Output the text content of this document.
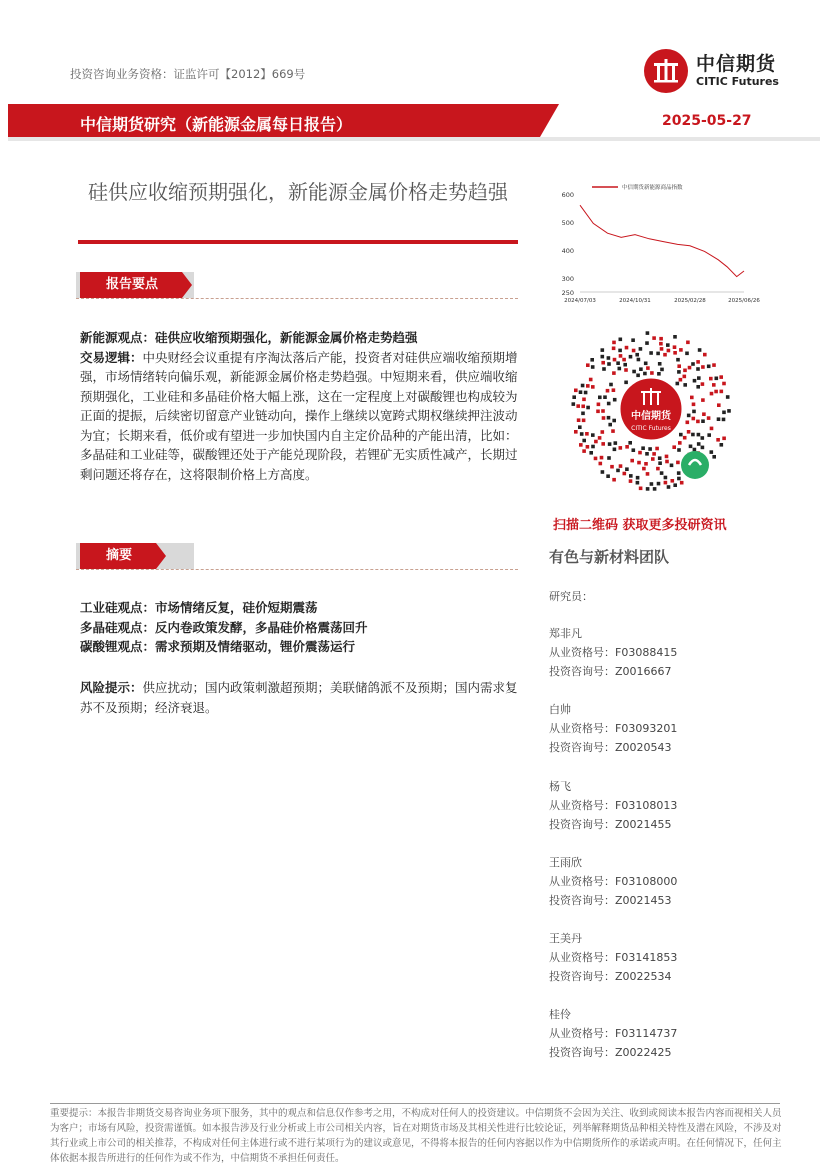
投资咨询业务资格：证监许可【2012】669号	中信期货
CITIC Futures
中信期货研究（新能源金属每日报告）	2025-05-27
硅供应收缩预期强化，新能源金属价格走势趋强
报告要点
新能源观点：硅供应收缩预期强化，新能源金属价格走势趋强
交易逻辑：中央财经会议重提有序淘汰落后产能，投资者对硅供应端收缩预期增强，市场情绪转向偏乐观，新能源金属价格走势趋强。中短期来看，供应端收缩预期强化，工业硅和多晶硅价格大幅上涨，这在一定程度上对碳酸锂也构成较为正面的提振，后续密切留意产业链动向，操作上继续以宽跨式期权继续押注波动为宜；长期来看，低价或有望进一步加快国内自主定价品种的产能出清，比如：多晶硅和工业硅等，碳酸锂还处于产能兑现阶段，若锂矿无实质性减产，长期过剩问题还将存在，这将限制价格上方高度。
摘要
工业硅观点：市场情绪反复，硅价短期震荡
多晶硅观点：反内卷政策发酵，多晶硅价格震荡回升
碳酸锂观点：需求预期及情绪驱动，锂价震荡运行
风险提示：供应扰动；国内政策刺激超预期；美联储鸽派不及预期；国内需求复苏不及预期；经济衰退。
250
300
400
500
600
2024/07/03	2024/10/31	2025/02/28	2025/06/26
中信期货新能源商品指数
中信期货
CITIC Futures
扫描二维码 获取更多投研资讯
有色与新材料团队
研究员：
郑非凡
从业资格号：F03088415
投资咨询号：Z0016667
白帅
从业资格号：F03093201
投资咨询号：Z0020543
杨飞
从业资格号：F03108013
投资咨询号：Z0021455
王雨欣
从业资格号：F03108000
投资咨询号：Z0021453
王美丹
从业资格号：F03141853
投资咨询号：Z0022534
桂伶
从业资格号：F03114737
投资咨询号：Z0022425
重要提示：本报告非期货交易咨询业务项下服务，其中的观点和信息仅作参考之用，不构成对任何人的投资建议。中信期货不会因为关注、收到或阅读本报告内容而视相关人员为客户；市场有风险，投资需谨慎。如本报告涉及行业分析或上市公司相关内容，旨在对期货市场及其相关性进行比较论证，列举解释期货品种相关特性及潜在风险，不涉及对其行业或上市公司的相关推荐，不构成对任何主体进行或不进行某项行为的建议或意见，不得将本报告的任何内容据以作为中信期货所作的承诺或声明。在任何情况下，任何主体依据本报告所进行的任何作为或不作为，中信期货不承担任何责任。
